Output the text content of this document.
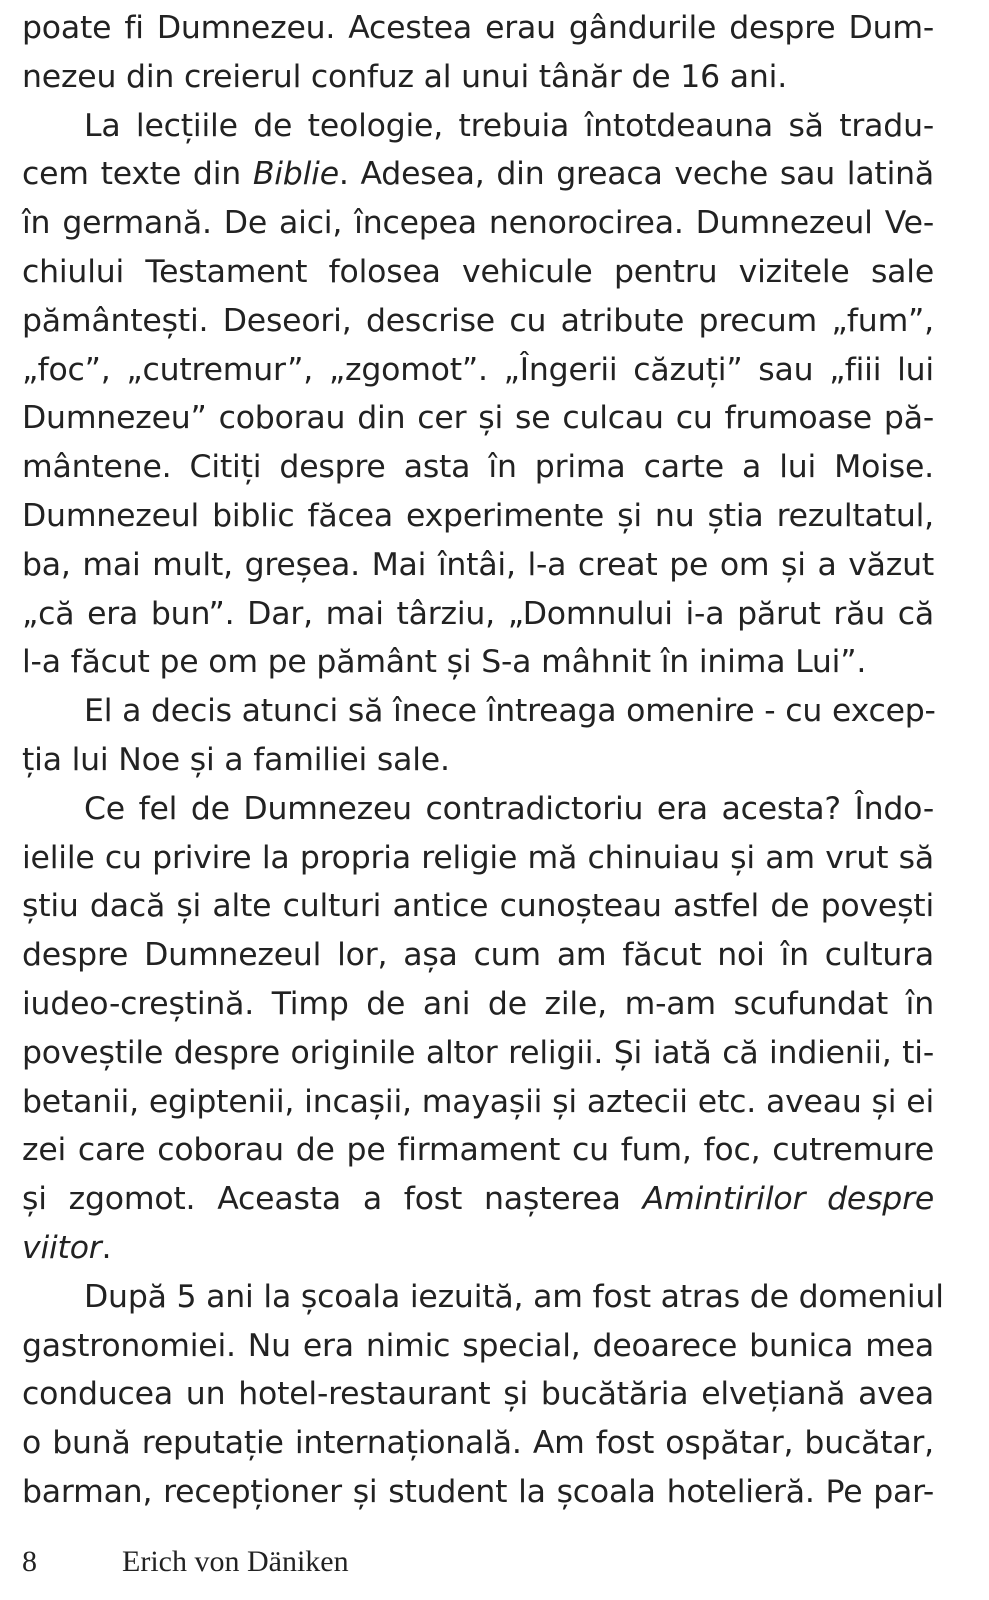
poate fi Dumnezeu. Acestea erau gândurile despre Dum-
nezeu din creierul confuz al unui tânăr de 16 ani.
La lecțiile de teologie, trebuia întotdeauna să tradu-
cem texte din Biblie. Adesea, din greaca veche sau latină
în germană. De aici, începea nenorocirea. Dumnezeul Ve-
chiului Testament folosea vehicule pentru vizitele sale
pământești. Deseori, descrise cu atribute precum „fum”,
„foc”, „cutremur”, „zgomot”. „Îngerii căzuți” sau „fiii lui
Dumnezeu” coborau din cer și se culcau cu frumoase pă-
mântene. Citiți despre asta în prima carte a lui Moise.
Dumnezeul biblic făcea experimente și nu știa rezultatul,
ba, mai mult, greșea. Mai întâi, l-a creat pe om și a văzut
„că era bun”. Dar, mai târziu, „Domnului i-a părut rău că
l-a făcut pe om pe pământ și S-a mâhnit în inima Lui”.
El a decis atunci să înece întreaga omenire - cu excep-
ția lui Noe și a familiei sale.
Ce fel de Dumnezeu contradictoriu era acesta? Îndo-
ielile cu privire la propria religie mă chinuiau și am vrut să
știu dacă și alte culturi antice cunoșteau astfel de povești
despre Dumnezeul lor, așa cum am făcut noi în cultura
iudeo-creștină. Timp de ani de zile, m-am scufundat în
poveștile despre originile altor religii. Și iată că indienii, ti-
betanii, egiptenii, incașii, mayașii și aztecii etc. aveau și ei
zei care coborau de pe firmament cu fum, foc, cutremure
și zgomot. Aceasta a fost nașterea Amintirilor despre
viitor.
După 5 ani la școala iezuită, am fost atras de domeniul
gastronomiei. Nu era nimic special, deoarece bunica mea
conducea un hotel-restaurant și bucătăria elvețiană avea
o bună reputație internațională. Am fost ospătar, bucătar,
barman, recepționer și student la școala hotelieră. Pe par-
8	Erich von Däniken
